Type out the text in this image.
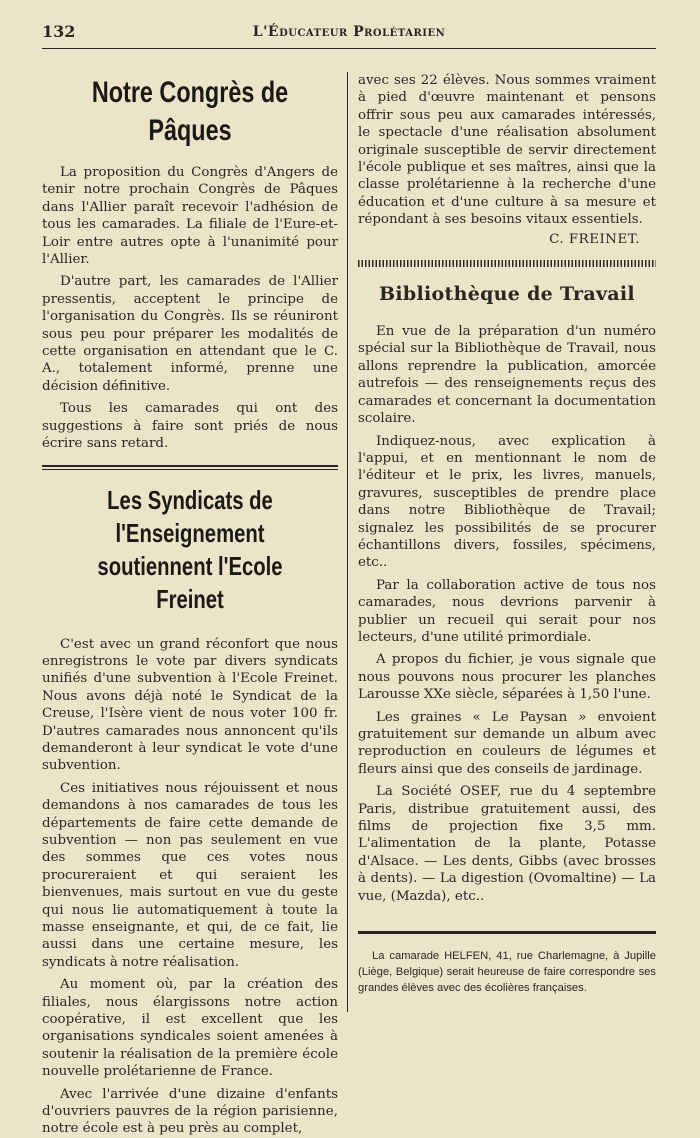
132	L'Éducateur Prolétarien
Notre Congrès de Pâques

La proposition du Congrès d'Angers de tenir notre prochain Congrès de Pâques dans l'Allier paraît recevoir l'adhésion de tous les camarades. La filiale de l'Eure-et-Loir entre autres opte à l'unanimité pour l'Allier.

D'autre part, les camarades de l'Allier pressentis, acceptent le principe de l'organisation du Congrès. Ils se réuniront sous peu pour préparer les modalités de cette organisation en attendant que le C. A., totalement informé, prenne une décision définitive.

Tous les camarades qui ont des suggestions à faire sont priés de nous écrire sans retard.

Les Syndicats de l'Enseignement
soutiennent l'Ecole Freinet

C'est avec un grand réconfort que nous enregistrons le vote par divers syndicats unifiés d'une subvention à l'Ecole Freinet. Nous avons déjà noté le Syndicat de la Creuse, l'Isère vient de nous voter 100 fr. D'autres camarades nous annoncent qu'ils demanderont à leur syndicat le vote d'une subvention.

Ces initiatives nous réjouissent et nous demandons à nos camarades de tous les départements de faire cette demande de subvention — non pas seulement en vue des sommes que ces votes nous procureraient et qui seraient les bienvenues, mais surtout en vue du geste qui nous lie automatiquement à toute la masse enseignante, et qui, de ce fait, lie aussi dans une certaine mesure, les syndicats à notre réalisation.

Au moment où, par la création des filiales, nous élargissons notre action coopérative, il est excellent que les organisations syndicales soient amenées à soutenir la réalisation de la première école nouvelle prolétarienne de France.

Avec l'arrivée d'une dizaine d'enfants d'ouvriers pauvres de la région parisienne, notre école est à peu près au complet,

avec ses 22 élèves. Nous sommes vraiment à pied d'œuvre maintenant et pensons offrir sous peu aux camarades intéressés, le spectacle d'une réalisation absolument originale susceptible de servir directement l'école publique et ses maîtres, ainsi que la classe prolétarienne à la recherche d'une éducation et d'une culture à sa mesure et répondant à ses besoins vitaux essentiels.

C. FREINET.
Bibliothèque de Travail

En vue de la préparation d'un numéro spécial sur la Bibliothèque de Travail, nous allons reprendre la publication, amorcée autrefois — des renseignements reçus des camarades et concernant la documentation scolaire.

Indiquez-nous, avec explication à l'appui, et en mentionnant le nom de l'éditeur et le prix, les livres, manuels, gravures, susceptibles de prendre place dans notre Bibliothèque de Travail; signalez les possibilités de se procurer échantillons divers, fossiles, spécimens, etc..

Par la collaboration active de tous nos camarades, nous devrions parvenir à publier un recueil qui serait pour nos lecteurs, d'une utilité primordiale.

A propos du fichier, je vous signale que nous pouvons nous procurer les planches Larousse XXe siècle, séparées à 1,50 l'une.

Les graines « Le Paysan » envoient gratuitement sur demande un album avec reproduction en couleurs de légumes et fleurs ainsi que des conseils de jardinage.

La Société OSEF, rue du 4 septembre Paris, distribue gratuitement aussi, des films de projection fixe 3,5 mm. L'alimentation de la plante, Potasse d'Alsace. — Les dents, Gibbs (avec brosses à dents). — La digestion (Ovomaltine) — La vue, (Mazda), etc..

La camarade HELFEN, 41, rue Charlemagne, à Jupille (Liège, Belgique) serait heureuse de faire correspondre ses grandes élèves avec des écolières françaises.
